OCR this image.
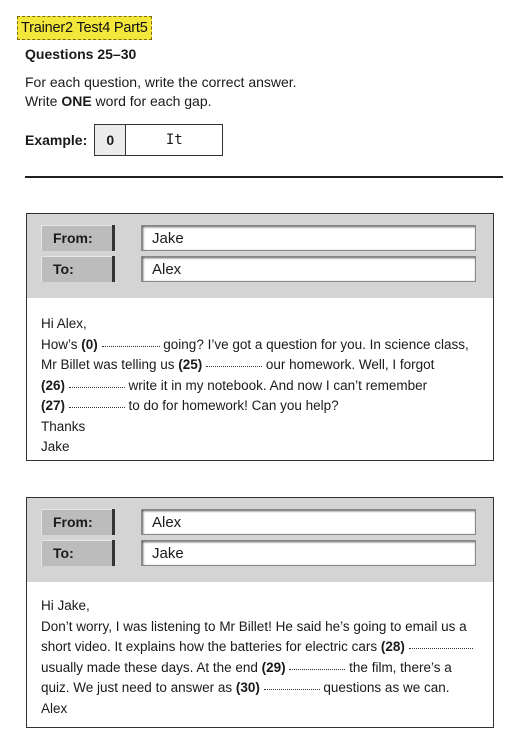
Trainer2 Test4 Part5
Questions 25–30
For each question, write the correct answer.
Write ONE word for each gap.
Example:	0	It
From:	Jake
To:	Alex

Hi Alex,

How’s (0)	going? I’ve got a question for you. In science class,

Mr Billet was telling us (25)	our homework. Well, I forgot

(26)	write it in my notebook. And now I can’t remember

(27)	to do for homework! Can you help?

Thanks

Jake

From:	Alex
To:	Jake

Hi Jake,

Don’t worry, I was listening to Mr Billet! He said he’s going to email us a

short video. It explains how the batteries for electric cars (28)

usually made these days. At the end (29)	the film, there’s a

quiz. We just need to answer as (30)	questions as we can.

Alex
